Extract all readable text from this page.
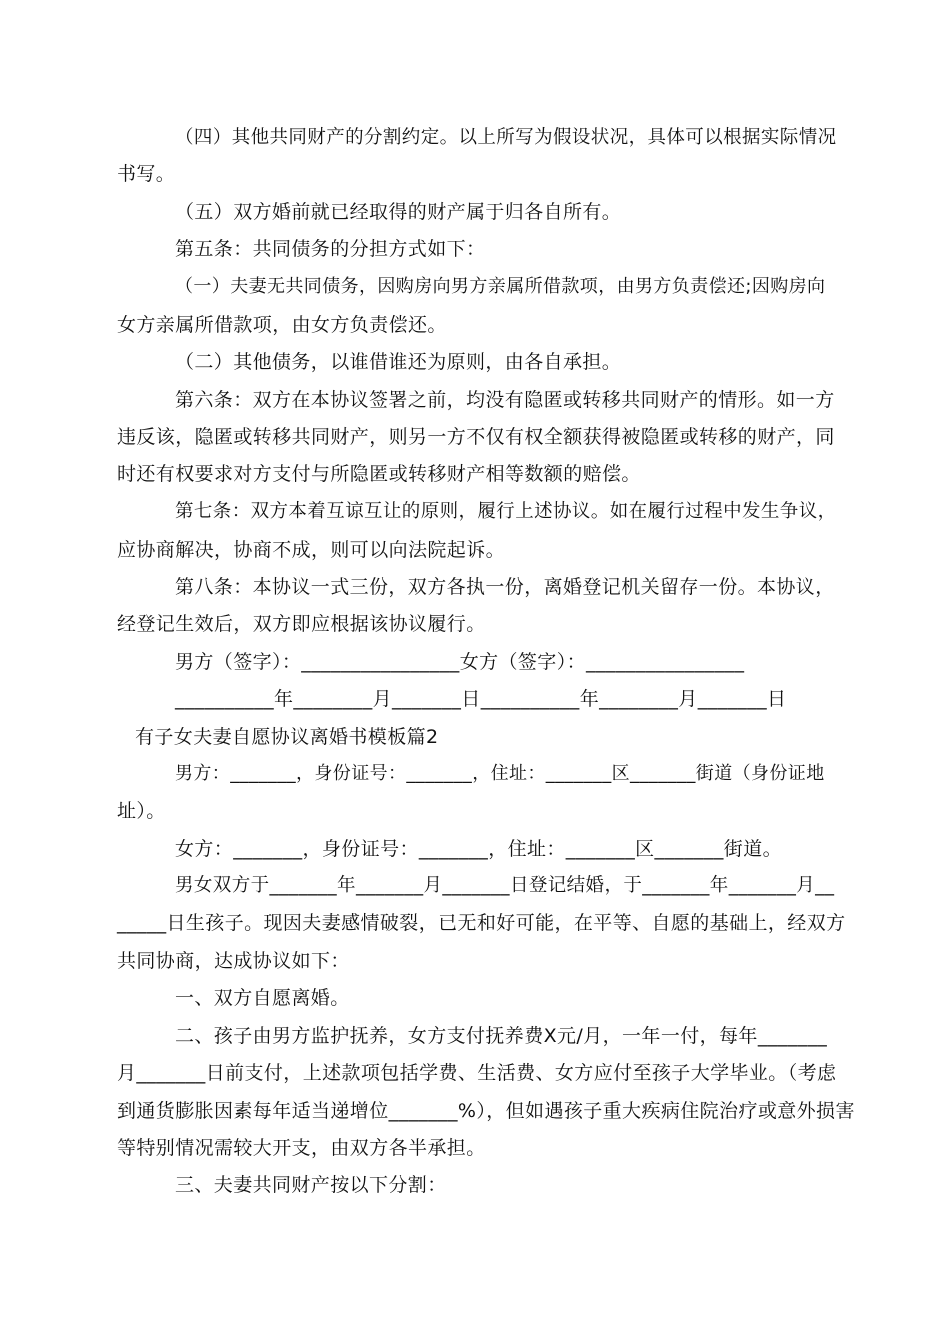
（四）其他共同财产的分割约定。以上所写为假设状况，具体可以根据实际情况
书写。
（五）双方婚前就已经取得的财产属于归各自所有。
第五条：共同债务的分担方式如下：
（一）夫妻无共同债务，因购房向男方亲属所借款项，由男方负责偿还;因购房向
女方亲属所借款项，由女方负责偿还。
（二）其他债务，以谁借谁还为原则，由各自承担。
第六条：双方在本协议签署之前，均没有隐匿或转移共同财产的情形。如一方
违反该，隐匿或转移共同财产，则另一方不仅有权全额获得被隐匿或转移的财产，同
时还有权要求对方支付与所隐匿或转移财产相等数额的赔偿。
第七条：双方本着互谅互让的原则，履行上述协议。如在履行过程中发生争议，
应协商解决，协商不成，则可以向法院起诉。
第八条：本协议一式三份，双方各执一份，离婚登记机关留存一份。本协议，
经登记生效后，双方即应根据该协议履行。
男方（签字）：________________女方（签字）：________________
__________年________月_______日__________年________月_______日
有子女夫妻自愿协议离婚书模板篇2
男方：_______，身份证号：_______，住址：_______区_______街道（身份证地
址）。
女方：_______，身份证号：_______，住址：_______区_______街道。
男女双方于_______年_______月_______日登记结婚，于_______年_______月__
_____日生孩子。现因夫妻感情破裂，已无和好可能，在平等、自愿的基础上，经双方
共同协商，达成协议如下：
一、双方自愿离婚。
二、孩子由男方监护抚养，女方支付抚养费X元/月，一年一付，每年_______
月_______日前支付，上述款项包括学费、生活费、女方应付至孩子大学毕业。（考虑
到通货膨胀因素每年适当递增位_______%），但如遇孩子重大疾病住院治疗或意外损害
等特别情况需较大开支，由双方各半承担。
三、夫妻共同财产按以下分割：
